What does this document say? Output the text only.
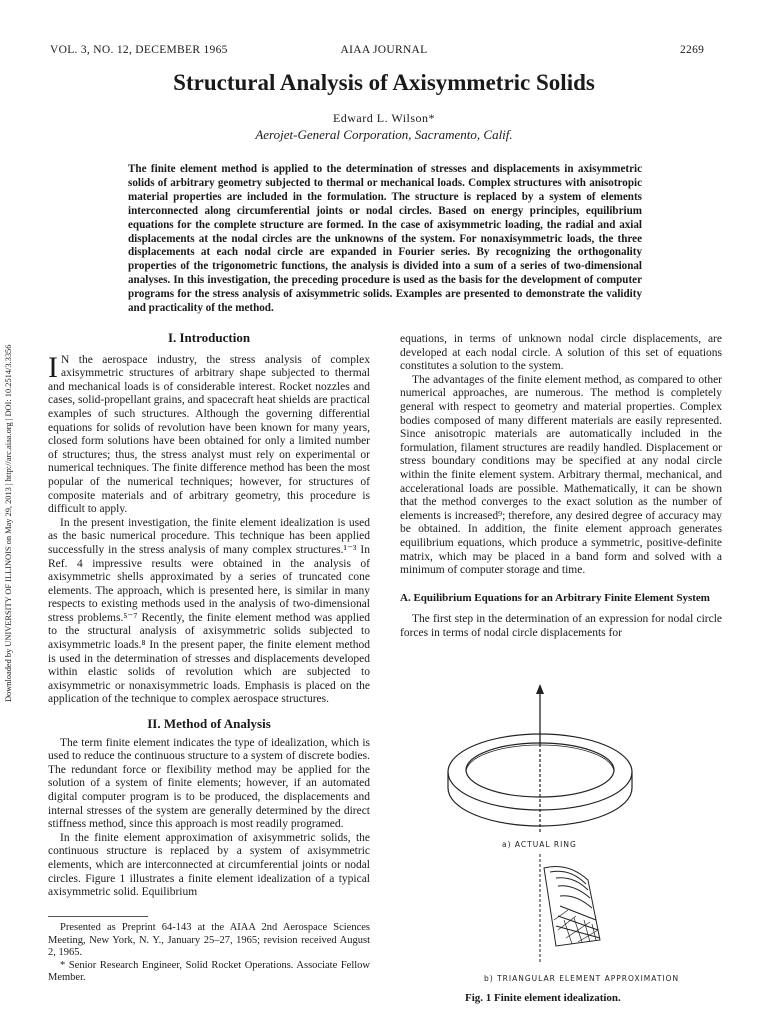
VOL. 3, NO. 12, DECEMBER 1965	AIAA JOURNAL	2269
Structural Analysis of Axisymmetric Solids
Edward L. Wilson*
Aerojet-General Corporation, Sacramento, Calif.
The finite element method is applied to the determination of stresses and displacements in axisymmetric solids of arbitrary geometry subjected to thermal or mechanical loads. Complex structures with anisotropic material properties are included in the formulation. The structure is replaced by a system of elements interconnected along circumferential joints or nodal circles. Based on energy principles, equilibrium equations for the complete structure are formed. In the case of axisymmetric loading, the radial and axial displacements at the nodal circles are the unknowns of the system. For nonaxisymmetric loads, the three displacements at each nodal circle are expanded in Fourier series. By recognizing the orthogonality properties of the trigonometric functions, the analysis is divided into a sum of a series of two-dimensional analyses. In this investigation, the preceding procedure is used as the basis for the development of computer programs for the stress analysis of axisymmetric solids. Examples are presented to demonstrate the validity and practicality of the method.
Downloaded by UNIVERSITY OF ILLINOIS on May 29, 2013 | http://arc.aiaa.org | DOI: 10.2514/3.3356
I. Introduction

I N the aerospace industry, the stress analysis of complex axisymmetric structures of arbitrary shape subjected to thermal and mechanical loads is of considerable interest. Rocket nozzles and cases, solid-propellant grains, and spacecraft heat shields are practical examples of such structures. Although the governing differential equations for solids of revolution have been known for many years, closed form solutions have been obtained for only a limited number of structures; thus, the stress analyst must rely on experimental or numerical techniques. The finite difference method has been the most popular of the numerical techniques; however, for structures of composite materials and of arbitrary geometry, this procedure is difficult to apply.

In the present investigation, the finite element idealization is used as the basic numerical procedure. This technique has been applied successfully in the stress analysis of many complex structures.¹⁻³ In Ref. 4 impressive results were obtained in the analysis of axisymmetric shells approximated by a series of truncated cone elements. The approach, which is presented here, is similar in many respects to existing methods used in the analysis of two-dimensional stress problems.⁵⁻⁷ Recently, the finite element method was applied to the structural analysis of axisymmetric solids subjected to axisymmetric loads.⁸ In the present paper, the finite element method is used in the determination of stresses and displacements developed within elastic solids of revolution which are subjected to axisymmetric or nonaxisymmetric loads. Emphasis is placed on the application of the technique to complex aerospace structures.

II. Method of Analysis

The term finite element indicates the type of idealization, which is used to reduce the continuous structure to a system of discrete bodies. The redundant force or flexibility method may be applied for the solution of a system of finite elements; however, if an automated digital computer program is to be produced, the displacements and internal stresses of the system are generally determined by the direct stiffness method, since this approach is most readily programed.

In the finite element approximation of axisymmetric solids, the continuous structure is replaced by a system of axisymmetric elements, which are interconnected at circumferential joints or nodal circles. Figure 1 illustrates a finite element idealization of a typical axisymmetric solid. Equilibrium

Presented as Preprint 64-143 at the AIAA 2nd Aerospace Sciences Meeting, New York, N. Y., January 25–27, 1965; revision received August 2, 1965.

* Senior Research Engineer, Solid Rocket Operations. Associate Fellow Member.

equations, in terms of unknown nodal circle displacements, are developed at each nodal circle. A solution of this set of equations constitutes a solution to the system.

The advantages of the finite element method, as compared to other numerical approaches, are numerous. The method is completely general with respect to geometry and material properties. Complex bodies composed of many different materials are easily represented. Since anisotropic materials are automatically included in the formulation, filament structures are readily handled. Displacement or stress boundary conditions may be specified at any nodal circle within the finite element system. Arbitrary thermal, mechanical, and accelerational loads are possible. Mathematically, it can be shown that the method converges to the exact solution as the number of elements is increased⁹; therefore, any desired degree of accuracy may be obtained. In addition, the finite element approach generates equilibrium equations, which produce a symmetric, positive-definite matrix, which may be placed in a band form and solved with a minimum of computer storage and time.

A. Equilibrium Equations for an Arbitrary Finite Element System

The first step in the determination of an expression for nodal circle forces in terms of nodal circle displacements for

a) ACTUAL RING
b) TRIANGULAR ELEMENT APPROXIMATION
Fig. 1 Finite element idealization.
